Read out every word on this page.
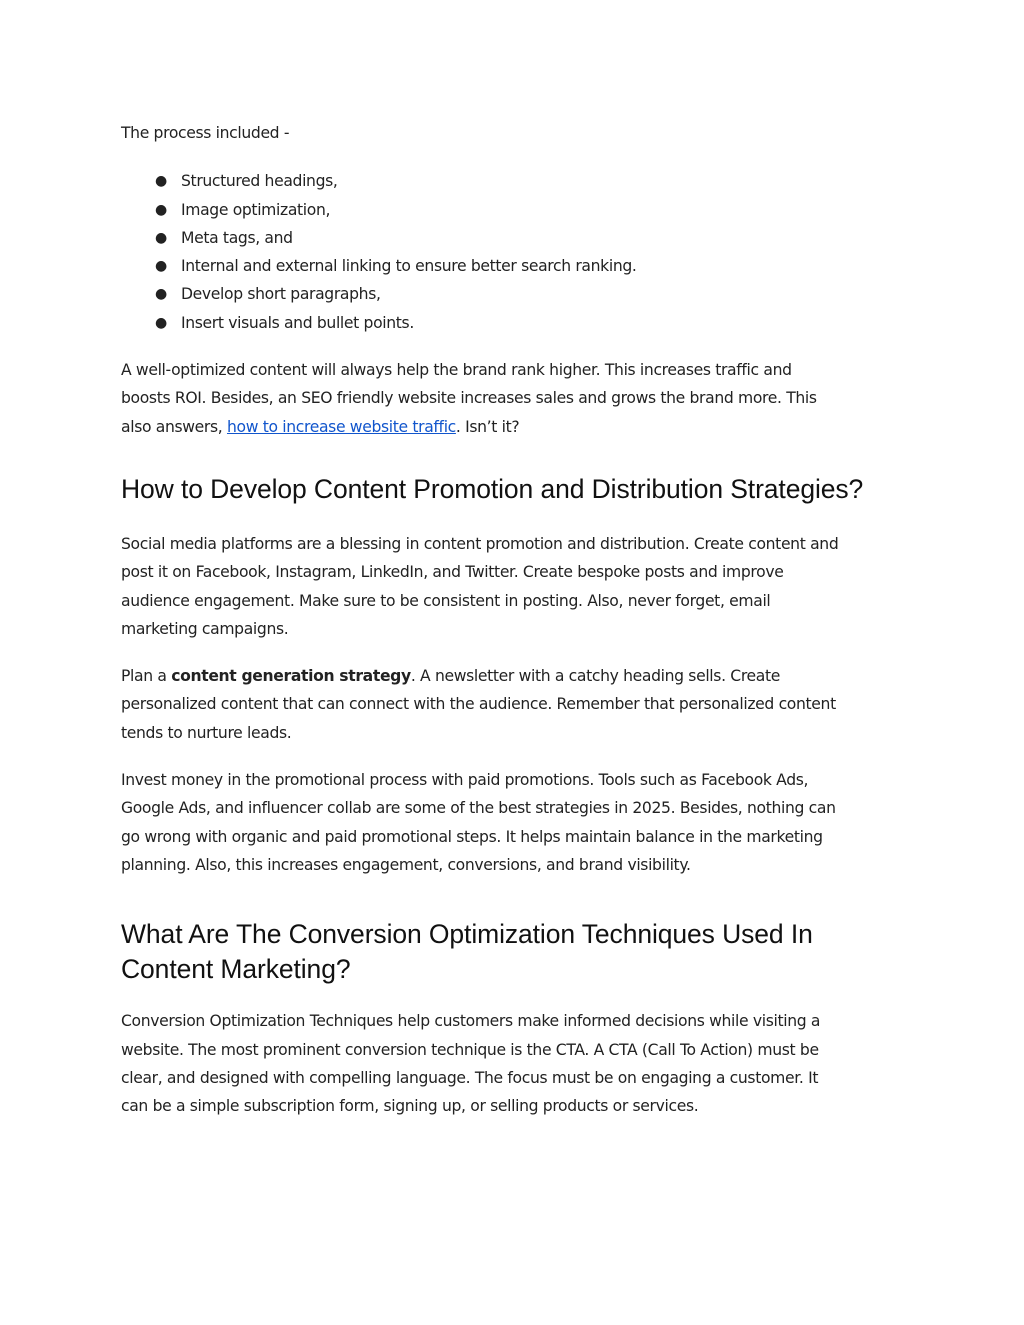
The process included -

● Structured headings,
● Image optimization,
● Meta tags, and
● Internal and external linking to ensure better search ranking.
● Develop short paragraphs,
● Insert visuals and bullet points.

A well-optimized content will always help the brand rank higher. This increases traffic and
boosts ROI. Besides, an SEO friendly website increases sales and grows the brand more. This
also answers, how to increase website traffic. Isn’t it?

How to Develop Content Promotion and Distribution Strategies?

Social media platforms are a blessing in content promotion and distribution. Create content and
post it on Facebook, Instagram, LinkedIn, and Twitter. Create bespoke posts and improve
audience engagement. Make sure to be consistent in posting. Also, never forget, email
marketing campaigns.

Plan a content generation strategy. A newsletter with a catchy heading sells. Create
personalized content that can connect with the audience. Remember that personalized content
tends to nurture leads.

Invest money in the promotional process with paid promotions. Tools such as Facebook Ads,
Google Ads, and influencer collab are some of the best strategies in 2025. Besides, nothing can
go wrong with organic and paid promotional steps. It helps maintain balance in the marketing
planning. Also, this increases engagement, conversions, and brand visibility.

What Are The Conversion Optimization Techniques Used In
Content Marketing?

Conversion Optimization Techniques help customers make informed decisions while visiting a
website. The most prominent conversion technique is the CTA. A CTA (Call To Action) must be
clear, and designed with compelling language. The focus must be on engaging a customer. It
can be a simple subscription form, signing up, or selling products or services.
